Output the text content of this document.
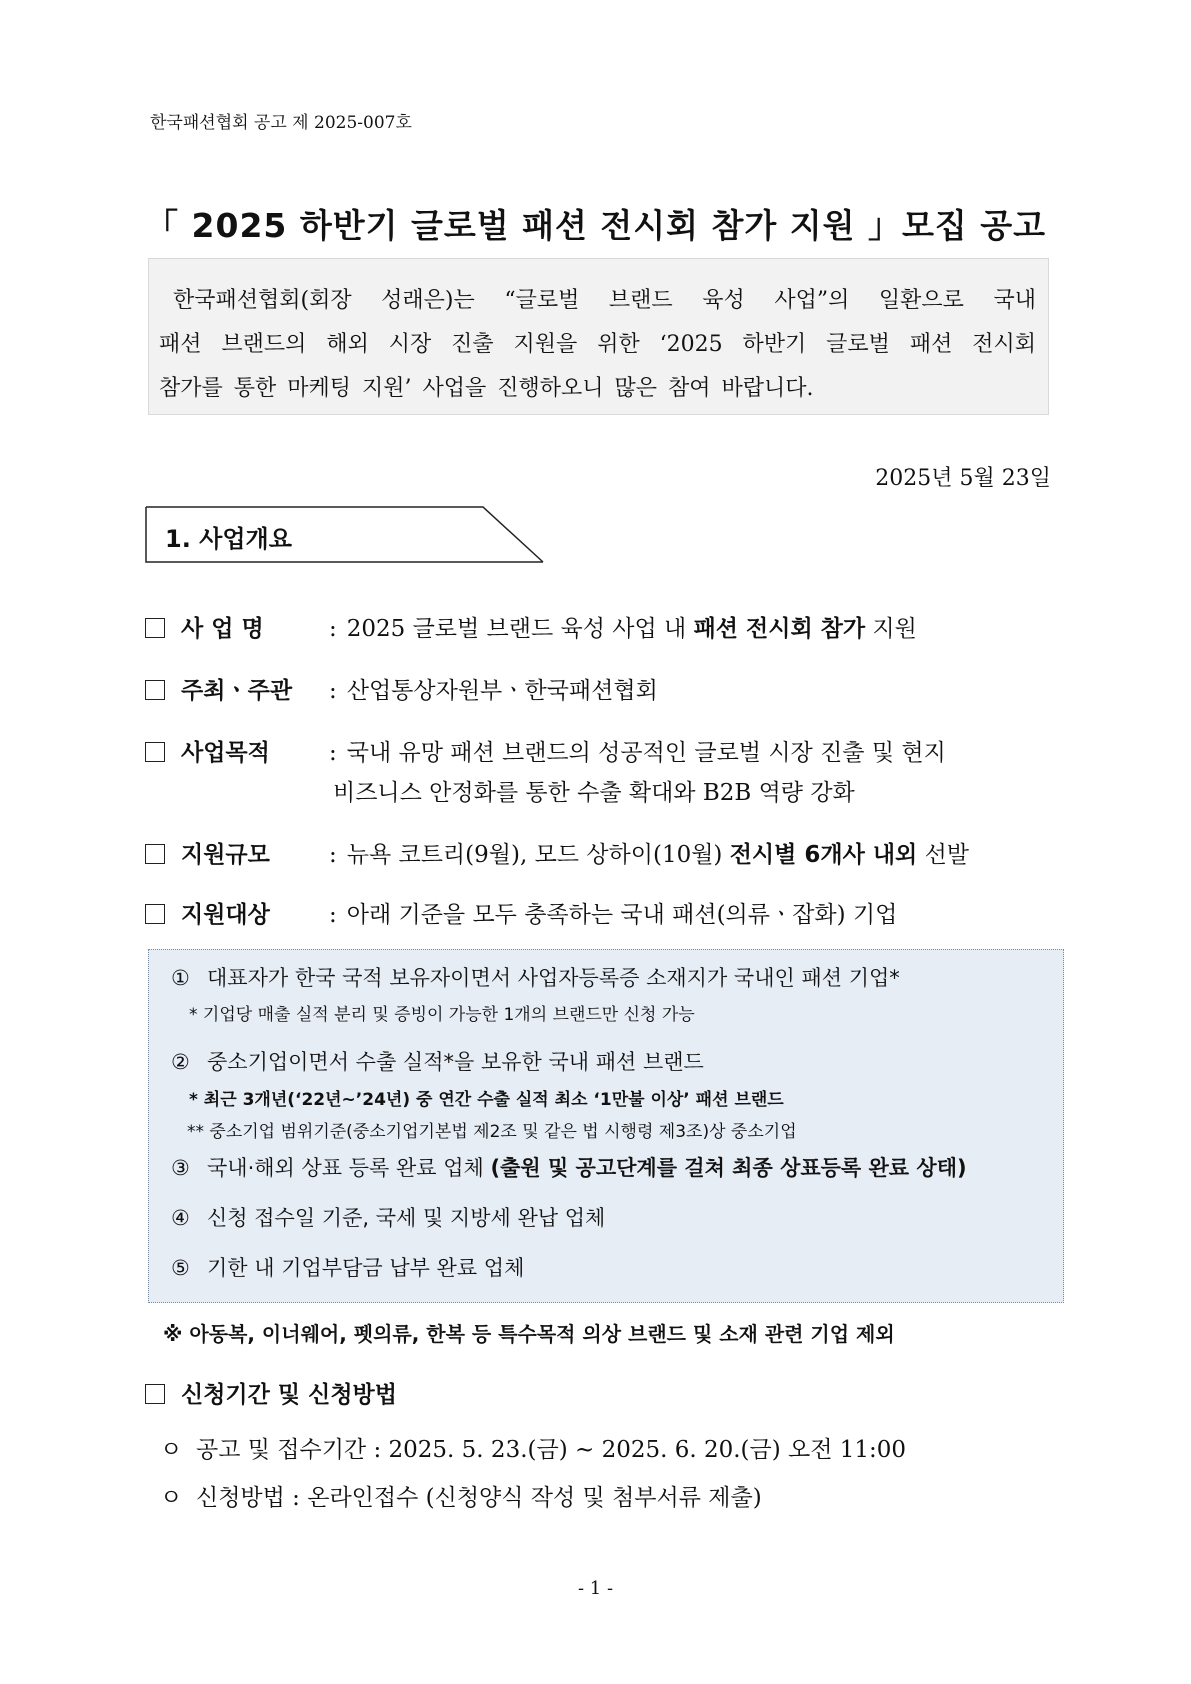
한국패션협회 공고 제 2025-007호
「 2025 하반기 글로벌 패션 전시회 참가 지원 」모집 공고
한국패션협회(회장 성래은)는 “글로벌 브랜드 육성 사업”의 일환으로 국내
패션 브랜드의 해외 시장 진출 지원을 위한 ‘2025 하반기 글로벌 패션 전시회
참가를 통한 마케팅 지원’ 사업을 진행하오니 많은 참여 바랍니다.
2025년 5월 23일
1. 사업개요
사 업 명	: 2025 글로벌 브랜드 육성 사업 내 패션 전시회 참가 지원
주최ㆍ주관 : 산업통상자원부ㆍ한국패션협회
사업목적	: 국내 유망 패션 브랜드의 성공적인 글로벌 시장 진출 및 현지
비즈니스 안정화를 통한 수출 확대와 B2B 역량 강화
지원규모	: 뉴욕 코트리(9월), 모드 상하이(10월) 전시별 6개사 내외 선발
지원대상	: 아래 기준을 모두 충족하는 국내 패션(의류ㆍ잡화) 기업
① 대표자가 한국 국적 보유자이면서 사업자등록증 소재지가 국내인 패션 기업*
* 기업당 매출 실적 분리 및 증빙이 가능한 1개의 브랜드만 신청 가능
② 중소기업이면서 수출 실적*을 보유한 국내 패션 브랜드
* 최근 3개년(‘22년~’24년) 중 연간 수출 실적 최소 ‘1만불 이상’ 패션 브랜드
** 중소기업 범위기준(중소기업기본법 제2조 및 같은 법 시행령 제3조)상 중소기업
③ 국내·해외 상표 등록 완료 업체 (출원 및 공고단계를 걸쳐 최종 상표등록 완료 상태)
④ 신청 접수일 기준, 국세 및 지방세 완납 업체
⑤ 기한 내 기업부담금 납부 완료 업체
※ 아동복, 이너웨어, 펫의류, 한복 등 특수목적 의상 브랜드 및 소재 관련 기업 제외
신청기간 및 신청방법
ㅇ 공고 및 접수기간 : 2025. 5. 23.(금) ~ 2025. 6. 20.(금) 오전 11:00
ㅇ 신청방법 : 온라인접수 (신청양식 작성 및 첨부서류 제출)
- 1 -
